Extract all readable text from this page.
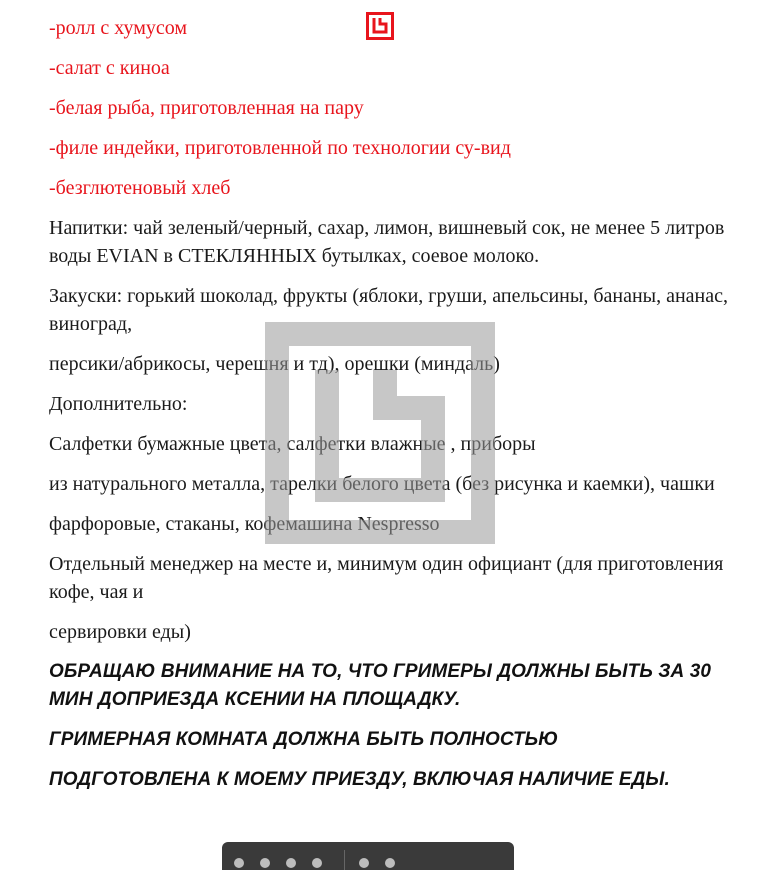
-ролл с хумусом

-салат с киноа

-белая рыба, приготовленная на пару

-филе индейки, приготовленной по технологии су-вид

-безглютеновый хлеб

Напитки: чай зеленый/черный, сахар, лимон, вишневый сок, не менее 5 литров воды EVIAN в СТЕКЛЯННЫХ бутылках, соевое молоко.

Закуски: горький шоколад, фрукты (яблоки, груши, апельсины, бананы, ананас, виноград,

персики/абрикосы, черешня и тд), орешки (миндаль)

Дополнительно:

Салфетки бумажные цвета, салфетки влажные , приборы

из натурального металла, тарелки белого цвета (без рисунка и каемки), чашки

фарфоровые, стаканы, кофемашина Nespresso

Отдельный менеджер на месте и, минимум один официант (для приготовления кофе, чая и

сервировки еды)

ОБРАЩАЮ ВНИМАНИЕ НА ТО, ЧТО ГРИМЕРЫ ДОЛЖНЫ БЫТЬ ЗА 30 МИН ДОПРИЕЗДА КСЕНИИ НА ПЛОЩАДКУ.

ГРИМЕРНАЯ КОМНАТА ДОЛЖНА БЫТЬ ПОЛНОСТЬЮ

ПОДГОТОВЛЕНА К МОЕМУ ПРИЕЗДУ, ВКЛЮЧАЯ НАЛИЧИЕ ЕДЫ.
